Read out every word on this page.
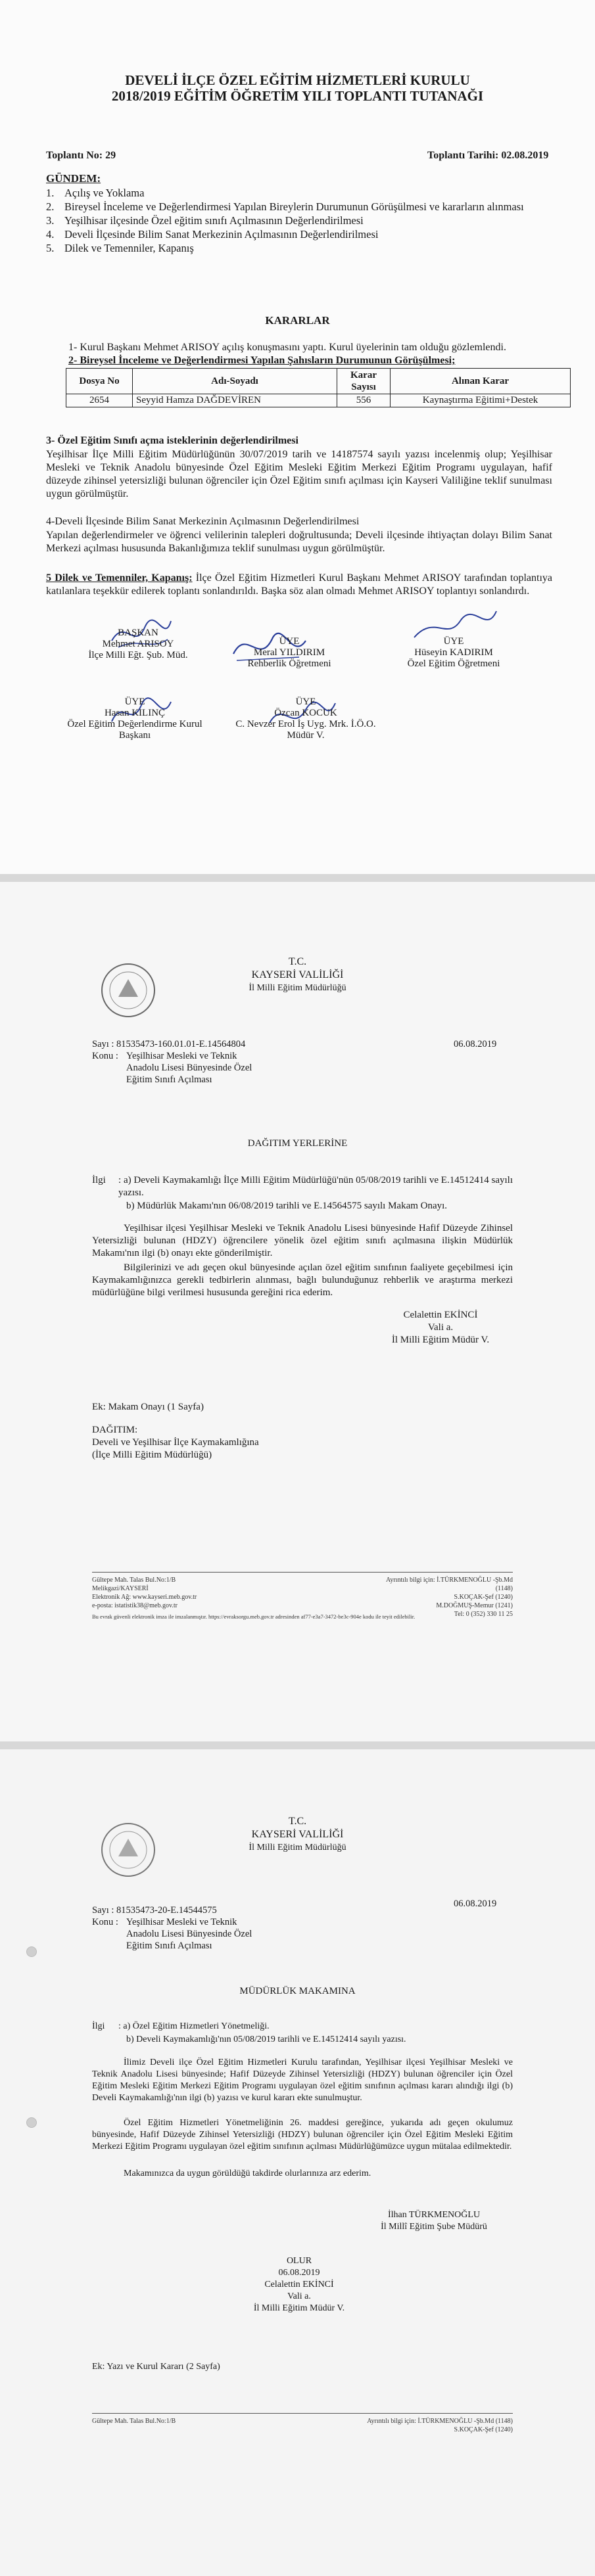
DEVELİ İLÇE ÖZEL EĞİTİM HİZMETLERİ KURULU
2018/2019 EĞİTİM ÖĞRETİM YILI TOPLANTI TUTANAĞI
Toplantı No: 29	Toplantı Tarihi: 02.08.2019
GÜNDEM:
1. Açılış ve Yoklama
2. Bireysel İnceleme ve Değerlendirmesi Yapılan Bireylerin Durumunun Görüşülmesi ve kararların alınması
3. Yeşilhisar ilçesinde Özel eğitim sınıfı Açılmasının Değerlendirilmesi
4. Develi İlçesinde Bilim Sanat Merkezinin Açılmasının Değerlendirilmesi
5. Dilek ve Temenniler, Kapanış
KARARLAR
1- Kurul Başkanı Mehmet ARISOY açılış konuşmasını yaptı. Kurul üyelerinin tam olduğu gözlemlendi.
2- Bireysel İnceleme ve Değerlendirmesi Yapılan Şahısların Durumunun Görüşülmesi;
Dosya No	Adı-Soyadı	Karar Sayısı	Alınan Karar
2654	Seyyid Hamza DAĞDEVİREN	556	Kaynaştırma Eğitimi+Destek
3- Özel Eğitim Sınıfı açma isteklerinin değerlendirilmesi
Yeşilhisar İlçe Milli Eğitim Müdürlüğünün 30/07/2019 tarih ve 14187574 sayılı yazısı incelenmiş olup; Yeşilhisar Mesleki ve Teknik Anadolu bünyesinde Özel Eğitim Mesleki Eğitim Merkezi Eğitim Programı uygulayan, hafif düzeyde zihinsel yetersizliği bulunan öğrenciler için Özel Eğitim sınıfı açılması için Kayseri Valiliğine teklif sunulması uygun görülmüştür.
4-Develi İlçesinde Bilim Sanat Merkezinin Açılmasının Değerlendirilmesi
Yapılan değerlendirmeler ve öğrenci velilerinin talepleri doğrultusunda; Develi ilçesinde ihtiyaçtan dolayı Bilim Sanat Merkezi açılması hususunda Bakanlığımıza teklif sunulması uygun görülmüştür.
5 Dilek ve Temenniler, Kapanış: İlçe Özel Eğitim Hizmetleri Kurul Başkanı Mehmet ARISOY tarafından toplantıya katılanlara teşekkür edilerek toplantı sonlandırıldı. Başka söz alan olmadı Mehmet ARISOY toplantıyı sonlandırdı.
BAŞKAN
Mehmet ARISOY
İlçe Milli Eğt. Şub. Müd.
ÜYE
Meral YILDIRIM
Rehberlik Öğretmeni
ÜYE
Hüseyin KADIRIM
Özel Eğitim Öğretmeni
ÜYE
Hasan KILINÇ
Özel Eğitim Değerlendirme Kurul Başkanı
ÜYE
Özcan KOCUK
C. Nevzer Erol İş Uyg. Mrk. İ.Ö.O. Müdür V.
T.C.
KAYSERİ VALİLİĞİ
İl Milli Eğitim Müdürlüğü
Sayı : 81535473-160.01.01-E.14564804	06.08.2019
Konu : Yeşilhisar Mesleki ve Teknik Anadolu Lisesi Bünyesinde Özel Eğitim Sınıfı Açılması
DAĞITIM YERLERİNE
İlgi	: a) Develi Kaymakamlığı İlçe Milli Eğitim Müdürlüğü'nün 05/08/2019 tarihli ve E.14512414 sayılı yazısı.
b) Müdürlük Makamı'nın 06/08/2019 tarihli ve E.14564575 sayılı Makam Onayı.
Yeşilhisar ilçesi Yeşilhisar Mesleki ve Teknik Anadolu Lisesi bünyesinde Hafif Düzeyde Zihinsel Yetersizliği bulunan (HDZY) öğrencilere yönelik özel eğitim sınıfı açılmasına ilişkin Müdürlük Makamı'nın ilgi (b) onayı ekte gönderilmiştir.
Bilgilerinizi ve adı geçen okul bünyesinde açılan özel eğitim sınıfının faaliyete geçebilmesi için Kaymakamlığınızca gerekli tedbirlerin alınması, bağlı bulunduğunuz rehberlik ve araştırma merkezi müdürlüğüne bilgi verilmesi hususunda gereğini rica ederim.
Celalettin EKİNCİ
Vali a.
İl Milli Eğitim Müdür V.
Ek: Makam Onayı (1 Sayfa)
DAĞITIM:
Develi ve Yeşilhisar İlçe Kaymakamlığına
(İlçe Milli Eğitim Müdürlüğü)
Gültepe Mah. Talas Bul.No:1/B
Melikgazi/KAYSERİ
Elektronik Ağ: www.kayseri.meb.gov.tr
e-posta: istatistik38@meb.gov.tr
Ayrıntılı bilgi için: İ.TÜRKMENOĞLU -Şb.Md (1148)
S.KOÇAK-Şef (1240)
M.DOĞMUŞ-Memur (1241)
Tel: 0 (352) 330 11 25
Bu evrak güvenli elektronik imza ile imzalanmıştır. https://evraksorgu.meb.gov.tr adresinden af77-e3a7-3472-be3c-904e kodu ile teyit edilebilir.
T.C.
KAYSERİ VALİLİĞİ
İl Milli Eğitim Müdürlüğü
Sayı : 81535473-20-E.14544575
06.08.2019
Konu : Yeşilhisar Mesleki ve Teknik Anadolu Lisesi Bünyesinde Özel Eğitim Sınıfı Açılması
MÜDÜRLÜK MAKAMINA
İlgi	: a) Özel Eğitim Hizmetleri Yönetmeliği.
b) Develi Kaymakamlığı'nın 05/08/2019 tarihli ve E.14512414 sayılı yazısı.
İlimiz Develi ilçe Özel Eğitim Hizmetleri Kurulu tarafından, Yeşilhisar ilçesi Yeşilhisar Mesleki ve Teknik Anadolu Lisesi bünyesinde; Hafif Düzeyde Zihinsel Yetersizliği (HDZY) bulunan öğrenciler için Özel Eğitim Mesleki Eğitim Merkezi Eğitim Programı uygulayan özel eğitim sınıfının açılması kararı alındığı ilgi (b) Develi Kaymakamlığı'nın ilgi (b) yazısı ve kurul kararı ekte sunulmuştur.
Özel Eğitim Hizmetleri Yönetmeliğinin 26. maddesi gereğince, yukarıda adı geçen okulumuz bünyesinde, Hafif Düzeyde Zihinsel Yetersizliği (HDZY) bulunan öğrenciler için Özel Eğitim Mesleki Eğitim Merkezi Eğitim Programı uygulayan özel eğitim sınıfının açılması Müdürlüğümüzce uygun mütalaa edilmektedir.
Makamınızca da uygun görüldüğü takdirde olurlarınıza arz ederim.
İlhan TÜRKMENOĞLU
İl Millî Eğitim Şube Müdürü
OLUR
06.08.2019
Celalettin EKİNCİ
Vali a.
İl Milli Eğitim Müdür V.
Ek: Yazı ve Kurul Kararı (2 Sayfa)
Gültepe Mah. Talas Bul.No:1/B	Ayrıntılı bilgi için: İ.TÜRKMENOĞLU -Şb.Md (1148)
S.KOÇAK-Şef (1240)
